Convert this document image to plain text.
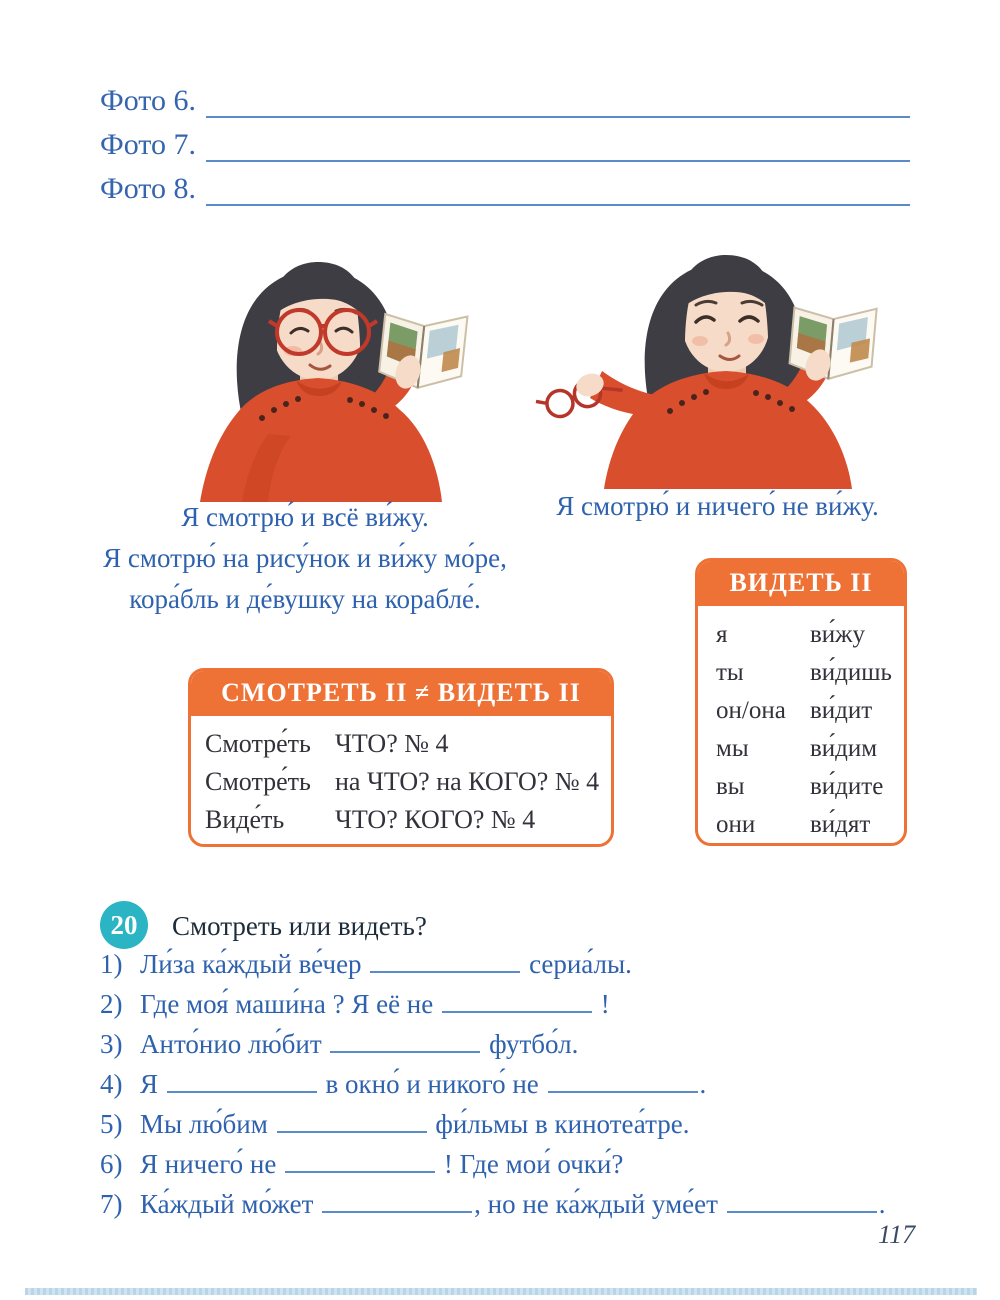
Фото 6.
Фото 7.
Фото 8.
Я смотрю́ и всё ви́жу.
Я смотрю́ на рису́нок и ви́жу мо́ре,
кора́бль и де́вушку на корабле́.
Я смотрю́ и ничего́ не ви́жу.
ВИДЕТЬ II
я	ви́жу
ты	ви́дишь
он/она ви́дит
мы	ви́дим
вы	ви́дите
они	ви́дят
СМОТРЕТЬ II ≠ ВИДЕТЬ II
Смотре́ть ЧТО? № 4
Смотре́ть на ЧТО? на КОГО? № 4
Виде́ть	ЧТО? КОГО? № 4
20	Смотреть или видеть?
1) Ли́за ка́ждый ве́чер	сериа́лы.
2) Где моя́ маши́на ? Я её не	!
3) Анто́нио лю́бит	футбо́л.
4) Я	в окно́ и никого́ не	.
5) Мы лю́бим	фи́льмы в кинотеа́тре.
6) Я ничего́ не	! Где мои́ очки́?
7) Ка́ждый мо́жет	, но не ка́ждый уме́ет	.
117
